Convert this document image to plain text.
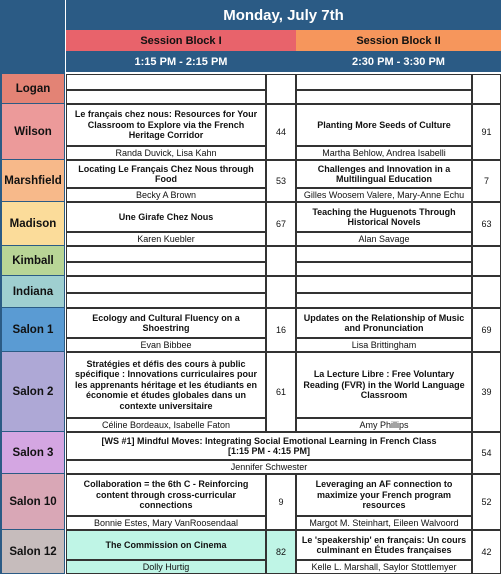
Monday, July 7th
Session Block I	Session Block II
1:15 PM - 2:15 PM	2:30 PM - 3:30 PM
Logan
Wilson
Marshfield
Madison
Kimball
Indiana
Salon 1
Salon 2
Salon 3
Salon 10
Salon 12
Le français chez nous: Resources for Your Classroom to Explore via the French Heritage Corridor
Randa Duvick, Lisa Kahn
44
Planting More Seeds of Culture
Martha Behlow, Andrea Isabelli
91
Locating Le Français Chez Nous through Food
Becky A Brown
53
Challenges and Innovation in a Multilingual Education
Gilles Woosem Valere, Mary-Anne Echu
7
Une Girafe Chez Nous
Karen Kuebler
67
Teaching the Huguenots Through Historical Novels
Alan Savage
63
Ecology and Cultural Fluency on a Shoestring
Evan Bibbee
16
Updates on the Relationship of Music and Pronunciation
Lisa Brittingham
69
Stratégies et défis des cours à public spécifique : Innovations curriculaires pour les apprenants héritage et les étudiants en économie et études globales dans un contexte universitaire
Céline Bordeaux, Isabelle Faton
61
La Lecture Libre : Free Voluntary Reading (FVR) in the World Language Classroom
Amy Phillips
39
[WS #1] Mindful Moves: Integrating Social Emotional Learning in French Class
[1:15 PM - 4:15 PM]
Jennifer Schwester
54
Collaboration = the 6th C - Reinforcing content through cross-curricular connections
Bonnie Estes, Mary VanRoosendaal
9
Leveraging an AF connection to maximize your French program resources
Margot M. Steinhart, Eileen Walvoord
52
The Commission on Cinema
Dolly Hurtig
82
Le 'speakership' en français: Un cours culminant en Études françaises
Kelle L. Marshall, Saylor Stottlemyer
42
